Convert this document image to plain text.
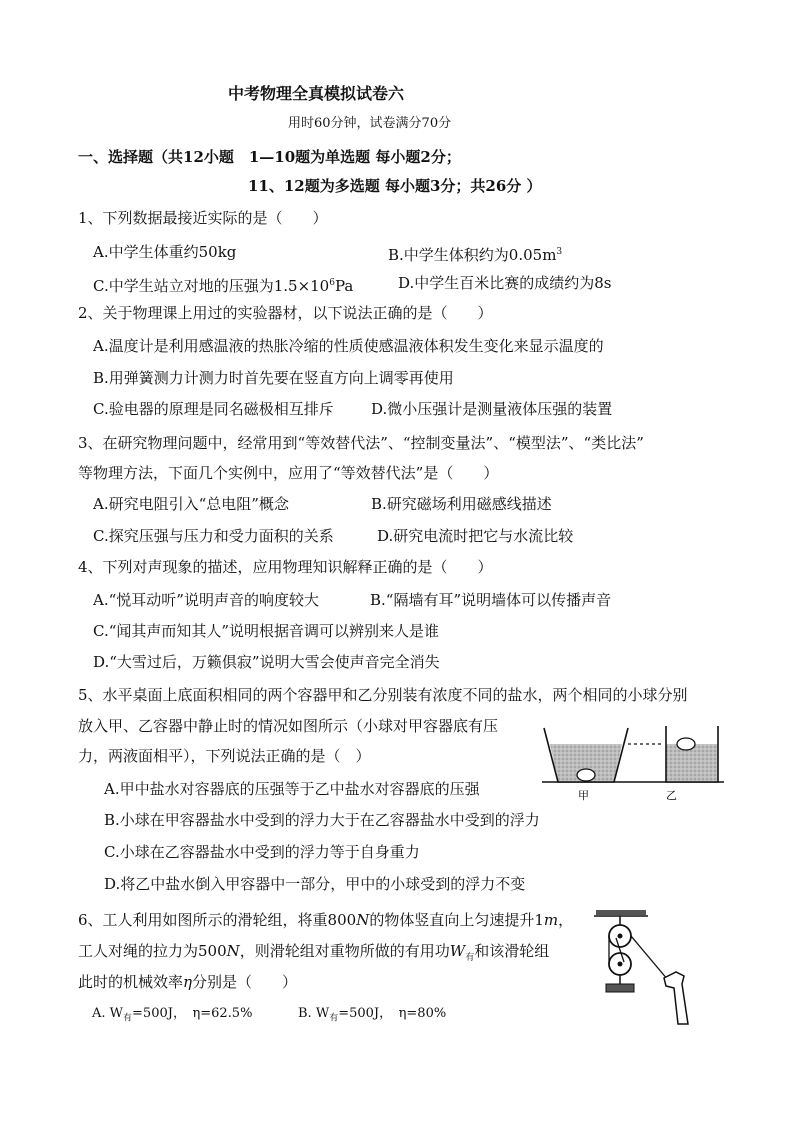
中考物理全真模拟试卷六
用时60分钟，试卷满分70分
一、选择题（共12小题　1—10题为单选题 每小题2分；
11、12题为多选题 每小题3分；共26分 ）
1、下列数据最接近实际的是（　　）
A.中学生体重约50kg	B.中学生体积约为$0.05m^3$
C.中学生站立对地的压强为$1.5\times 10^6Pa$	D.中学生百米比赛的成绩约为8s
2、关于物理课上用过的实验器材，以下说法正确的是（　　）
A.温度计是利用感温液的热胀冷缩的性质使感温液体积发生变化来显示温度的
B.用弹簧测力计测力时首先要在竖直方向上调零再使用
C.验电器的原理是同名磁极相互排斥 D.微小压强计是测量液体压强的装置
3、在研究物理问题中，经常用到“等效替代法”、“控制变量法”、“模型法”、“类比法”
等物理方法，下面几个实例中，应用了“等效替代法”是（　　）
A.研究电阻引入“总电阻”概念	B.研究磁场利用磁感线描述
C.探究压强与压力和受力面积的关系	D.研究电流时把它与水流比较
4、下列对声现象的描述，应用物理知识解释正确的是（　　）
A.“悦耳动听”说明声音的响度较大	B.“隔墙有耳”说明墙体可以传播声音
C.“闻其声而知其人”说明根据音调可以辨别来人是谁
D.“大雪过后，万籁俱寂”说明大雪会使声音完全消失
5、水平桌面上底面积相同的两个容器甲和乙分别装有浓度不同的盐水，两个相同的小球分别
放入甲、乙容器中静止时的情况如图所示（小球对甲容器底有压
力，两液面相平），下列说法正确的是（　）
A.甲中盐水对容器底的压强等于乙中盐水对容器底的压强
B.小球在甲容器盐水中受到的浮力大于在乙容器盐水中受到的浮力
C.小球在乙容器盐水中受到的浮力等于自身重力
D.将乙中盐水倒入甲容器中一部分，甲中的小球受到的浮力不变
甲	乙
6、工人利用如图所示的滑轮组，将重800N的物体竖直向上匀速提升1m，
工人对绳的拉力为500N，则滑轮组对重物所做的有用功$W_有$和该滑轮组
此时的机械效率η分别是（　　）
A. $W_有=500J$，　η=62.5%	B. $W_有=500J$，　η=80%
